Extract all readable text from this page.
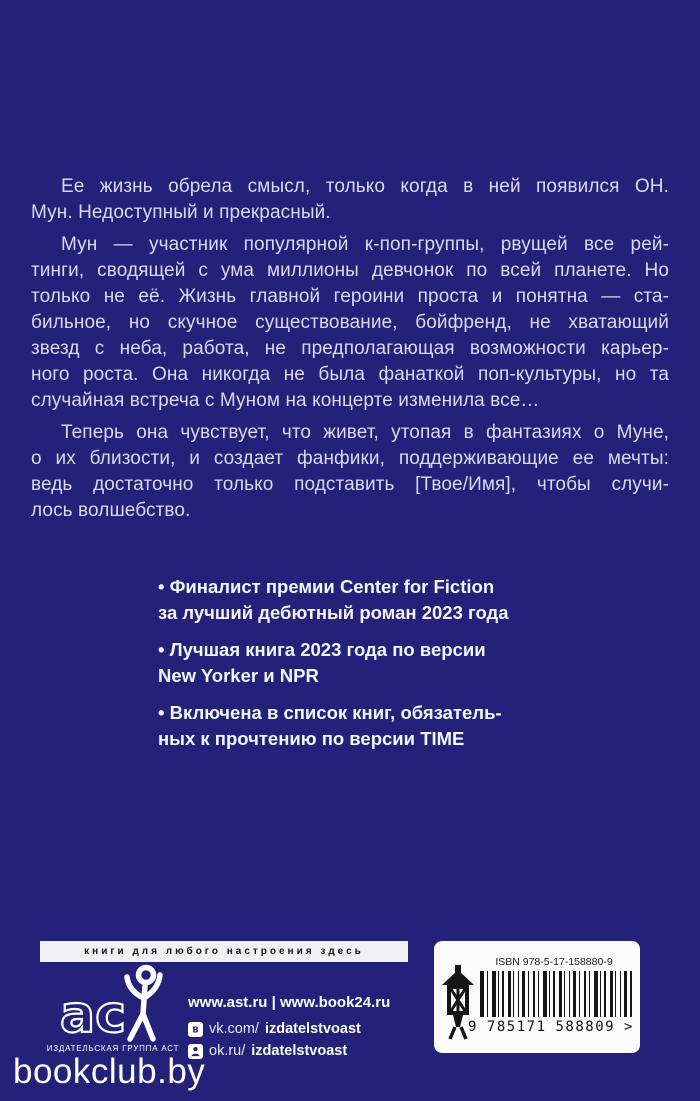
Ее жизнь обрела смысл, только когда в ней появился ОН.
Мун. Недоступный и прекрасный.
Мун — участник популярной к-поп-группы, рвущей все рей-
тинги, сводящей с ума миллионы девчонок по всей планете. Но
только не её. Жизнь главной героини проста и понятна — ста-
бильное, но скучное существование, бойфренд, не хватающий
звезд с неба, работа, не предполагающая возможности карьер-
ного роста. Она никогда не была фанаткой поп-культуры, но та
случайная встреча с Муном на концерте изменила все…
Теперь она чувствует, что живет, утопая в фантазиях о Муне,
о их близости, и создает фанфики, поддерживающие ее мечты:
ведь достаточно только подставить [Твое/Имя], чтобы случи-
лось волшебство.
• Финалист премии Center for Fiction
за лучший дебютный роман 2023 года
• Лучшая книга 2023 года по версии
New Yorker и NPR
• Включена в список книг, обязатель-
ных к прочтению по версии TIME
книги для любого настроения здесь
ас
ИЗДАТЕЛЬСКАЯ ГРУППА АСТ
www.ast.ru | www.book24.ru
B vk.com/ izdatelstvoast
ok.ru/ izdatelstvoast
ISBN 978-5-17-158880-9
9 785171 588809 >
bookclub.by
